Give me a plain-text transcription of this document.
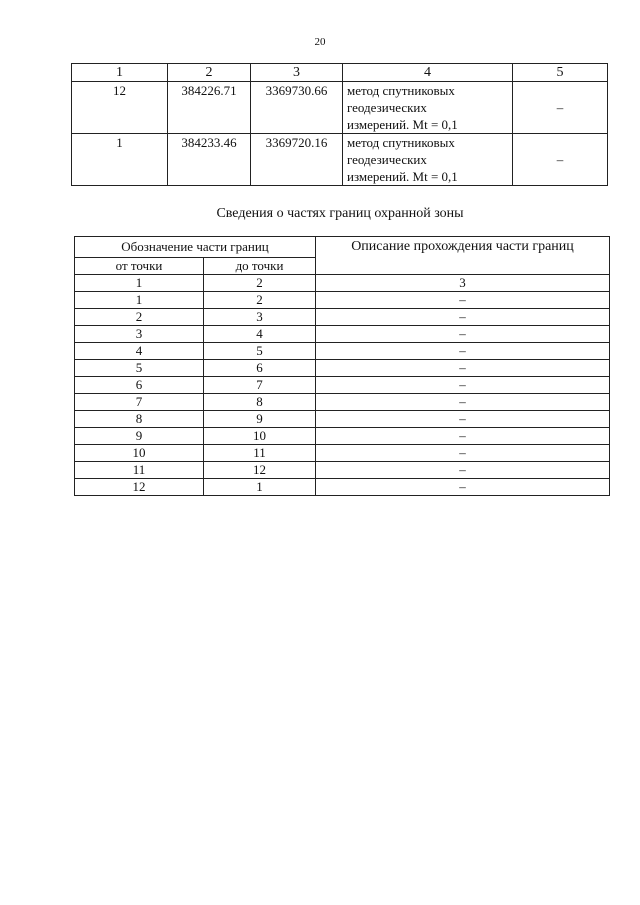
20
1	2	3	4	5
12	384226.71	3369730.66	метод спутниковых
геодезических
измерений. Mt = 0,1	–
1	384233.46	3369720.16	метод спутниковых
геодезических
измерений. Mt = 0,1	–
Сведения о частях границ охранной зоны
Обозначение части границ		Описание прохождения части границ
от точки	до точки	
1	2	3
1	2	–
2	3	–
3	4	–
4	5	–
5	6	–
6	7	–
7	8	–
8	9	–
9	10	–
10	11	–
11	12	–
12	1	–
